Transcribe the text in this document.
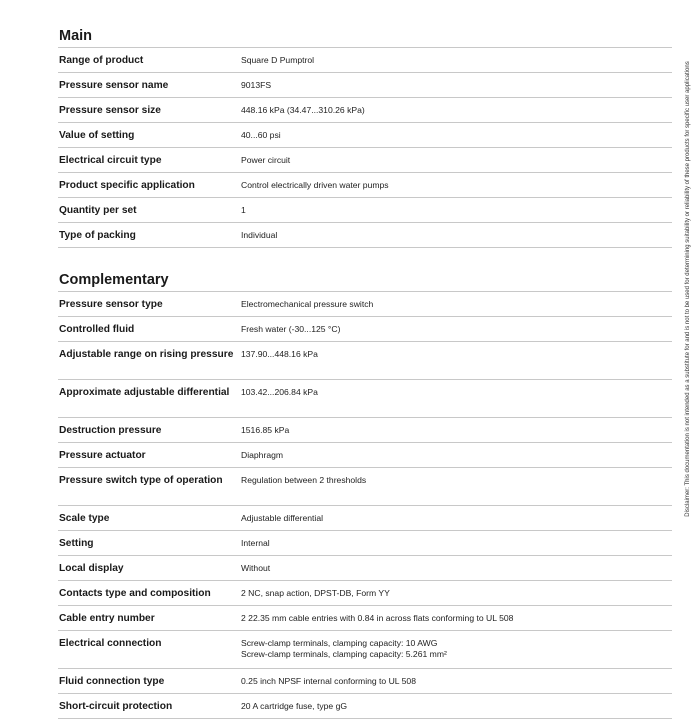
Main
Range of product	Square D Pumptrol
Pressure sensor name	9013FS
Pressure sensor size	448.16 kPa (34.47...310.26 kPa)
Value of setting	40...60 psi
Electrical circuit type	Power circuit
Product specific application	Control electrically driven water pumps
Quantity per set	1
Type of packing	Individual
Complementary
Pressure sensor type	Electromechanical pressure switch
Controlled fluid	Fresh water (-30...125 °C)
Adjustable range on rising pressure 137.90...448.16 kPa
Approximate adjustable differential	103.42...206.84 kPa
Destruction pressure	1516.85 kPa
Pressure actuator	Diaphragm
Pressure switch type of operation	Regulation between 2 thresholds
Scale type	Adjustable differential
Setting	Internal
Local display	Without
Contacts type and composition	2 NC, snap action, DPST-DB, Form YY
Cable entry number	2 22.35 mm cable entries with 0.84 in across flats conforming to UL 508
Electrical connection	Screw-clamp terminals, clamping capacity: 10 AWG
Screw-clamp terminals, clamping capacity: 5.261 mm²
Fluid connection type	0.25 inch NPSF internal conforming to UL 508
Short-circuit protection	20 A cartridge fuse, type gG
Disclaimer: This documentation is not intended as a substitute for and is not to be used for determining suitability or reliability of these products for specific user applications
